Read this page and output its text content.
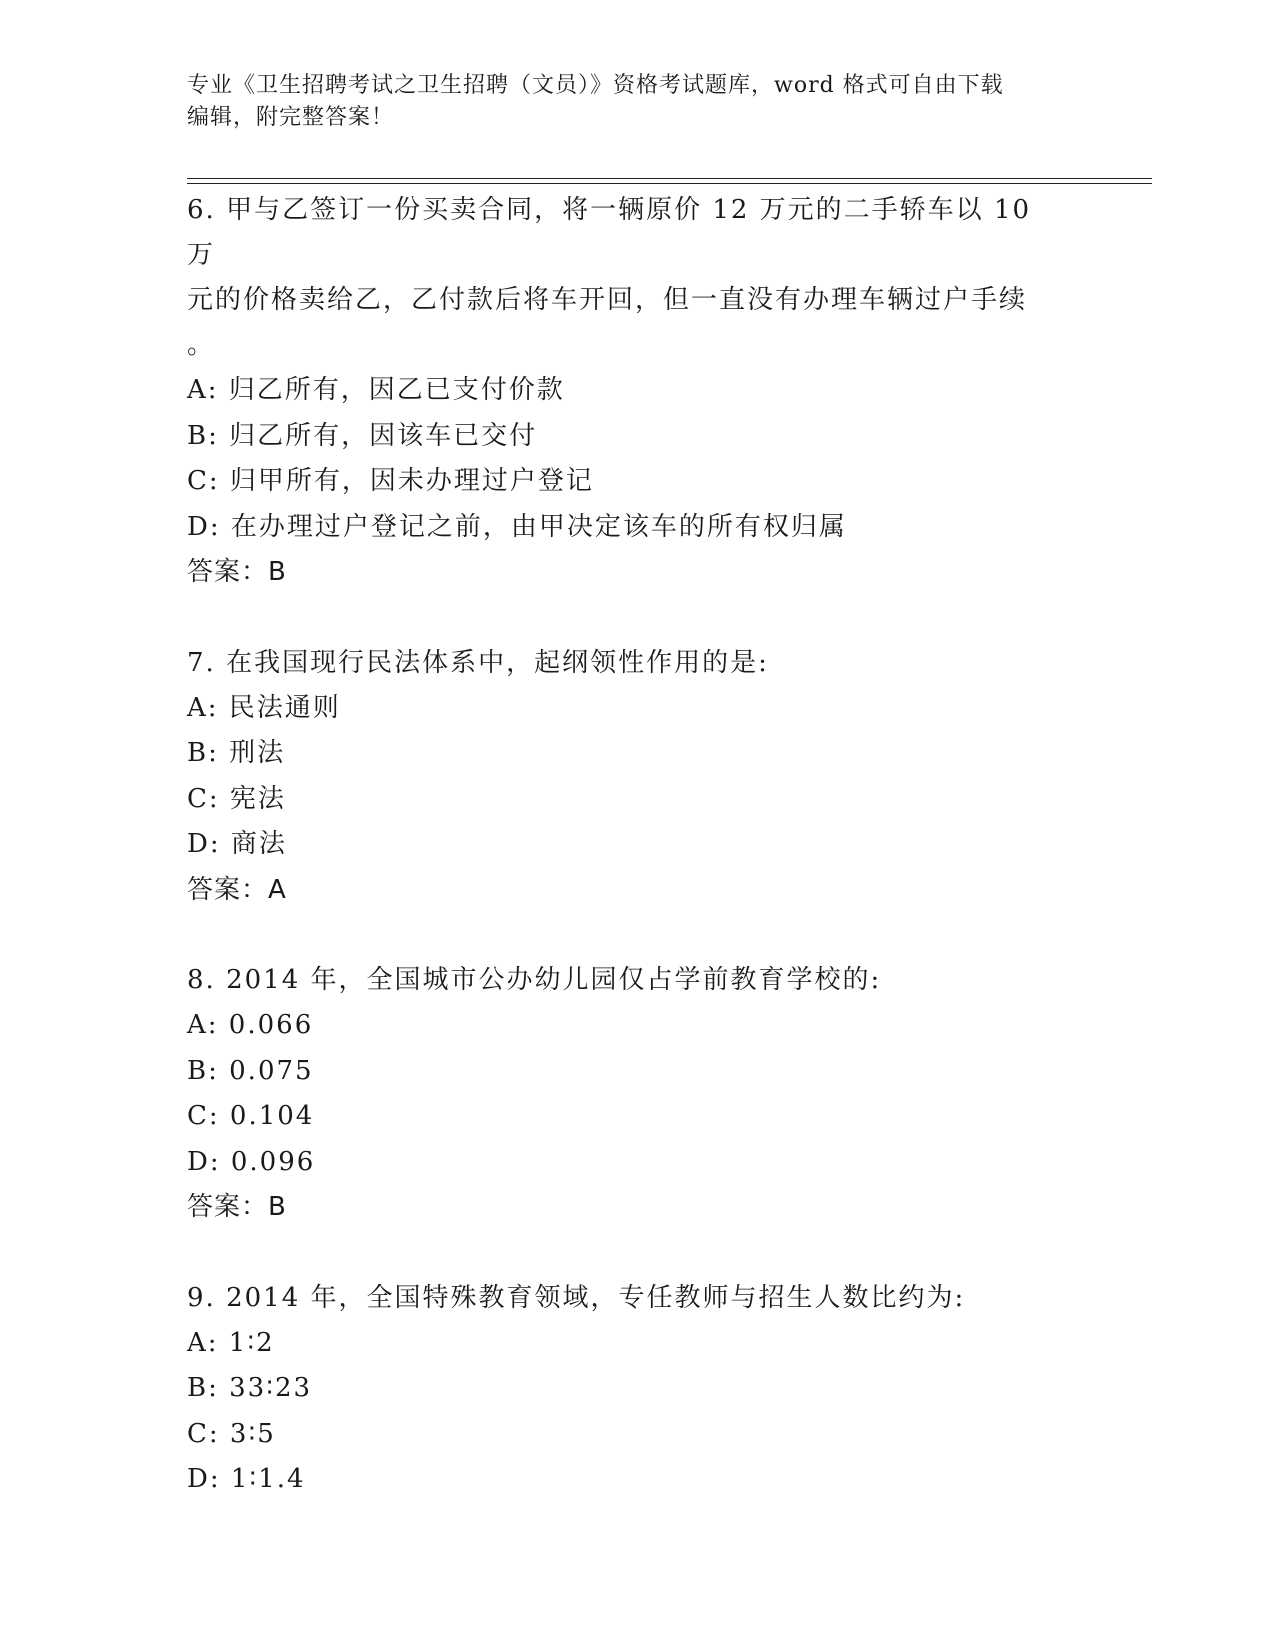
专业《卫生招聘考试之卫生招聘（文员）》资格考试题库，word 格式可自由下载
编辑，附完整答案！

6. 甲与乙签订一份买卖合同，将一辆原价 12 万元的二手轿车以 10 万

元的价格卖给乙，乙付款后将车开回，但一直没有办理车辆过户手续

。

A: 归乙所有，因乙已支付价款

B: 归乙所有，因该车已交付

C: 归甲所有，因未办理过户登记

D: 在办理过户登记之前，由甲决定该车的所有权归属

答案：B

7. 在我国现行民法体系中，起纲领性作用的是:

A: 民法通则

B: 刑法

C: 宪法

D: 商法

答案：A

8. 2014 年，全国城市公办幼儿园仅占学前教育学校的:

A: 0.066

B: 0.075

C: 0.104

D: 0.096

答案：B

9. 2014 年，全国特殊教育领域，专任教师与招生人数比约为:

A: 1∶2

B: 33∶23

C: 3∶5

D: 1∶1.4
